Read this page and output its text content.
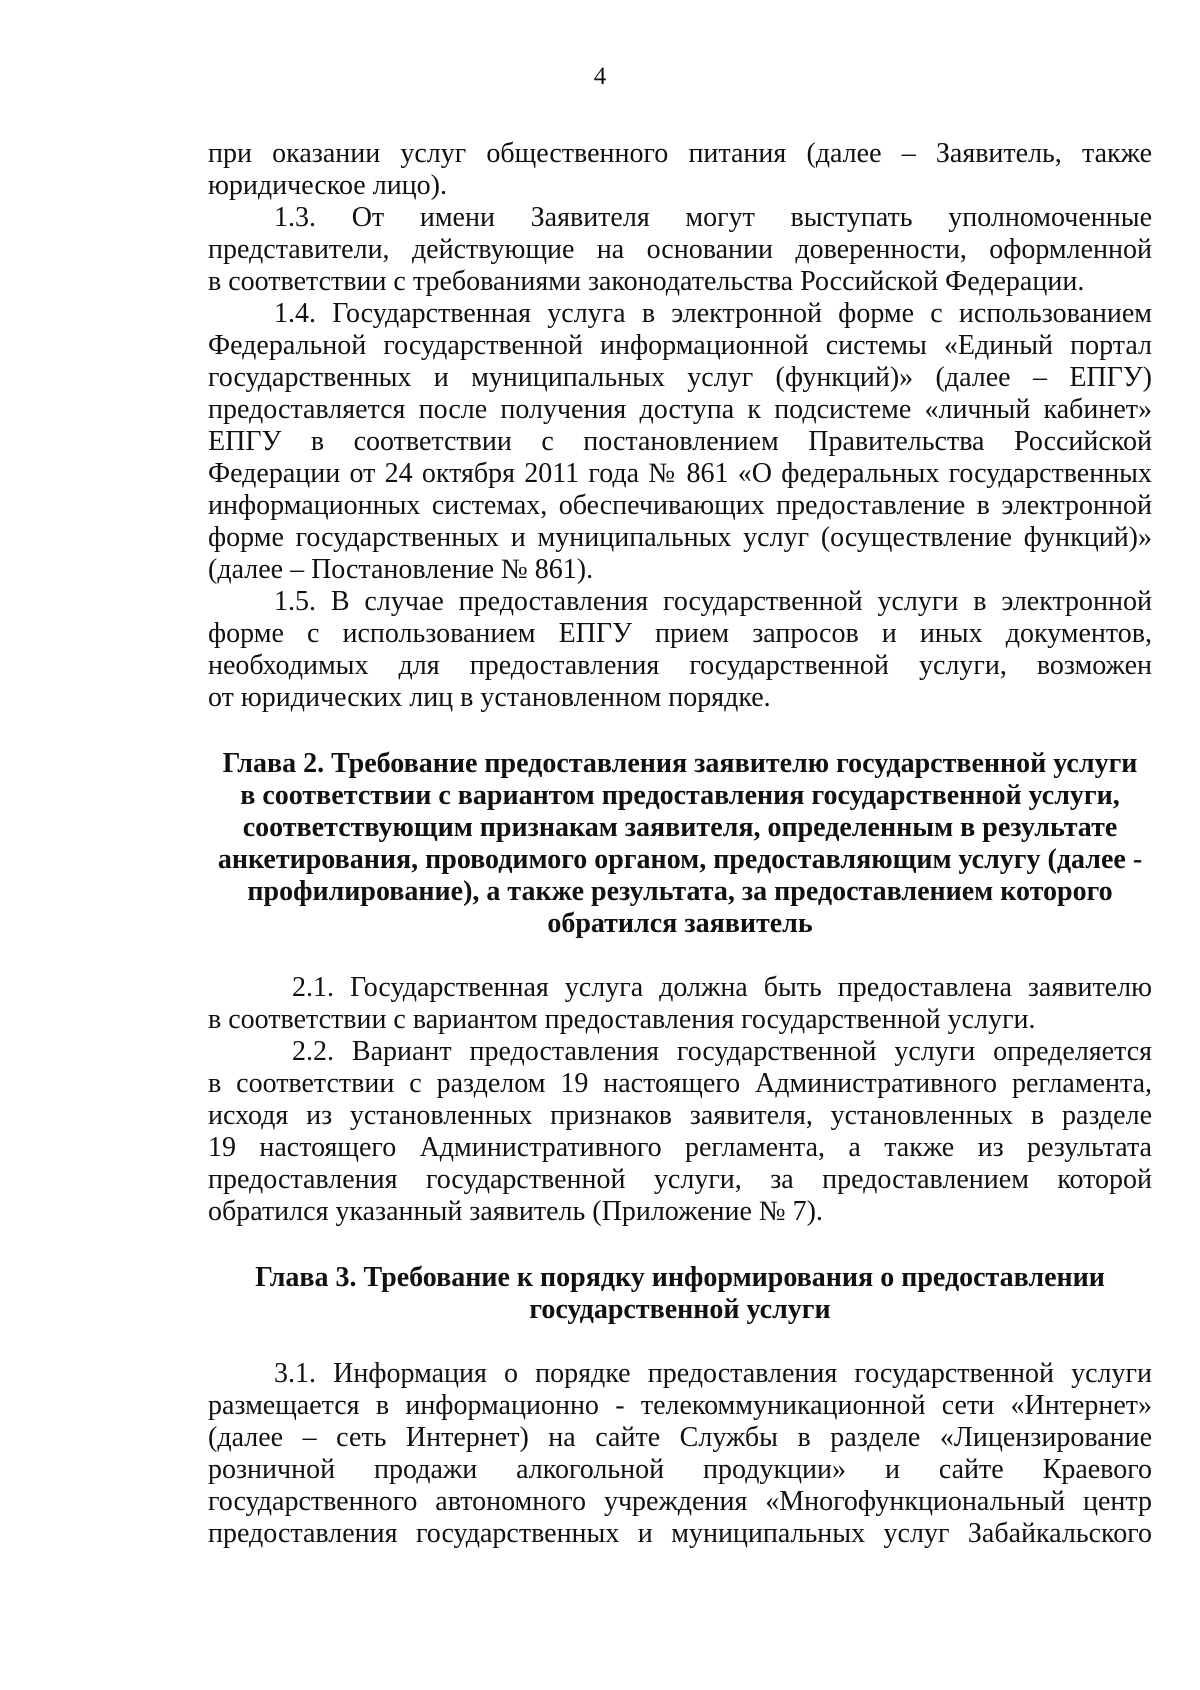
4
при оказании услуг общественного питания (далее – Заявитель, также
юридическое лицо).
1.3. От имени Заявителя могут выступать уполномоченные
представители, действующие на основании доверенности, оформленной
в соответствии с требованиями законодательства Российской Федерации.
1.4. Государственная услуга в электронной форме с использованием
Федеральной государственной информационной системы «Единый портал
государственных и муниципальных услуг (функций)» (далее – ЕПГУ)
предоставляется после получения доступа к подсистеме «личный кабинет»
ЕПГУ в соответствии с постановлением Правительства Российской
Федерации от 24 октября 2011 года № 861 «О федеральных государственных
информационных системах, обеспечивающих предоставление в электронной
форме государственных и муниципальных услуг (осуществление функций)»
(далее – Постановление № 861).
1.5. В случае предоставления государственной услуги в электронной
форме с использованием ЕПГУ прием запросов и иных документов,
необходимых для предоставления государственной услуги, возможен
от юридических лиц в установленном порядке.
Глава 2. Требование предоставления заявителю государственной услуги
в соответствии с вариантом предоставления государственной услуги,
соответствующим признакам заявителя, определенным в результате
анкетирования, проводимого органом, предоставляющим услугу (далее -
профилирование), а также результата, за предоставлением которого
обратился заявитель
2.1. Государственная услуга должна быть предоставлена заявителю
в соответствии с вариантом предоставления государственной услуги.
2.2. Вариант предоставления государственной услуги определяется
в соответствии с разделом 19 настоящего Административного регламента,
исходя из установленных признаков заявителя, установленных в разделе
19 настоящего Административного регламента, а также из результата
предоставления государственной услуги, за предоставлением которой
обратился указанный заявитель (Приложение № 7).
Глава 3. Требование к порядку информирования о предоставлении
государственной услуги
3.1. Информация о порядке предоставления государственной услуги
размещается в информационно - телекоммуникационной сети «Интернет»
(далее – сеть Интернет) на сайте Службы в разделе «Лицензирование
розничной продажи алкогольной продукции» и сайте Краевого
государственного автономного учреждения «Многофункциональный центр
предоставления государственных и муниципальных услуг Забайкальского
